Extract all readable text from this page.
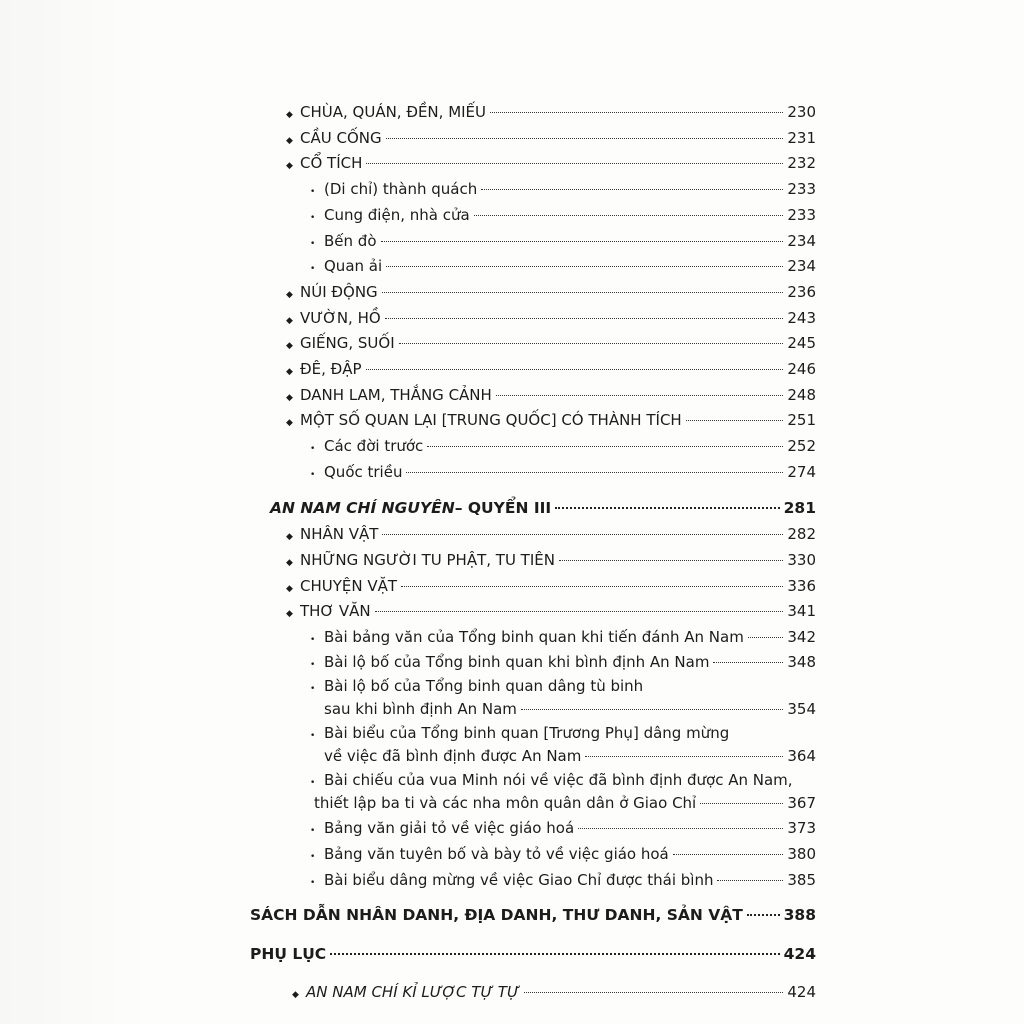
◆ CHÙA, QUÁN, ĐỀN, MIẾU	230
◆ CẦU CỐNG	231
◆ CỔ TÍCH	232
• (Di chỉ) thành quách	233
• Cung điện, nhà cửa	233
• Bến đò	234
• Quan ải	234
◆ NÚI ĐỘNG	236
◆ VƯỜN, HỒ	243
◆ GIẾNG, SUỐI	245
◆ ĐÊ, ĐẬP	246
◆ DANH LAM, THẮNG CẢNH	248
◆ MỘT SỐ QUAN LẠI [TRUNG QUỐC] CÓ THÀNH TÍCH	251
• Các đời trước	252
• Quốc triều	274
AN NAM CHÍ NGUYÊN – QUYỂN III	281
◆ NHÂN VẬT	282
◆ NHỮNG NGƯỜI TU PHẬT, TU TIÊN	330
◆ CHUYỆN VẶT	336
◆ THƠ VĂN	341
• Bài bảng văn của Tổng binh quan khi tiến đánh An Nam	342
• Bài lộ bố của Tổng binh quan khi bình định An Nam	348
• Bài lộ bố của Tổng binh quan dâng tù binh
sau khi bình định An Nam	354
• Bài biểu của Tổng binh quan [Trương Phụ] dâng mừng
về việc đã bình định được An Nam	364
• Bài chiếu của vua Minh nói về việc đã bình định được An Nam,
thiết lập ba ti và các nha môn quân dân ở Giao Chỉ	367
• Bảng văn giải tỏ về việc giáo hoá	373
• Bảng văn tuyên bố và bày tỏ về việc giáo hoá	380
• Bài biểu dâng mừng về việc Giao Chỉ được thái bình	385
SÁCH DẪN NHÂN DANH, ĐỊA DANH, THƯ DANH, SẢN VẬT	388
PHỤ LỤC	424
◆ AN NAM CHÍ KỈ LƯỢC TỰ TỰ	424
